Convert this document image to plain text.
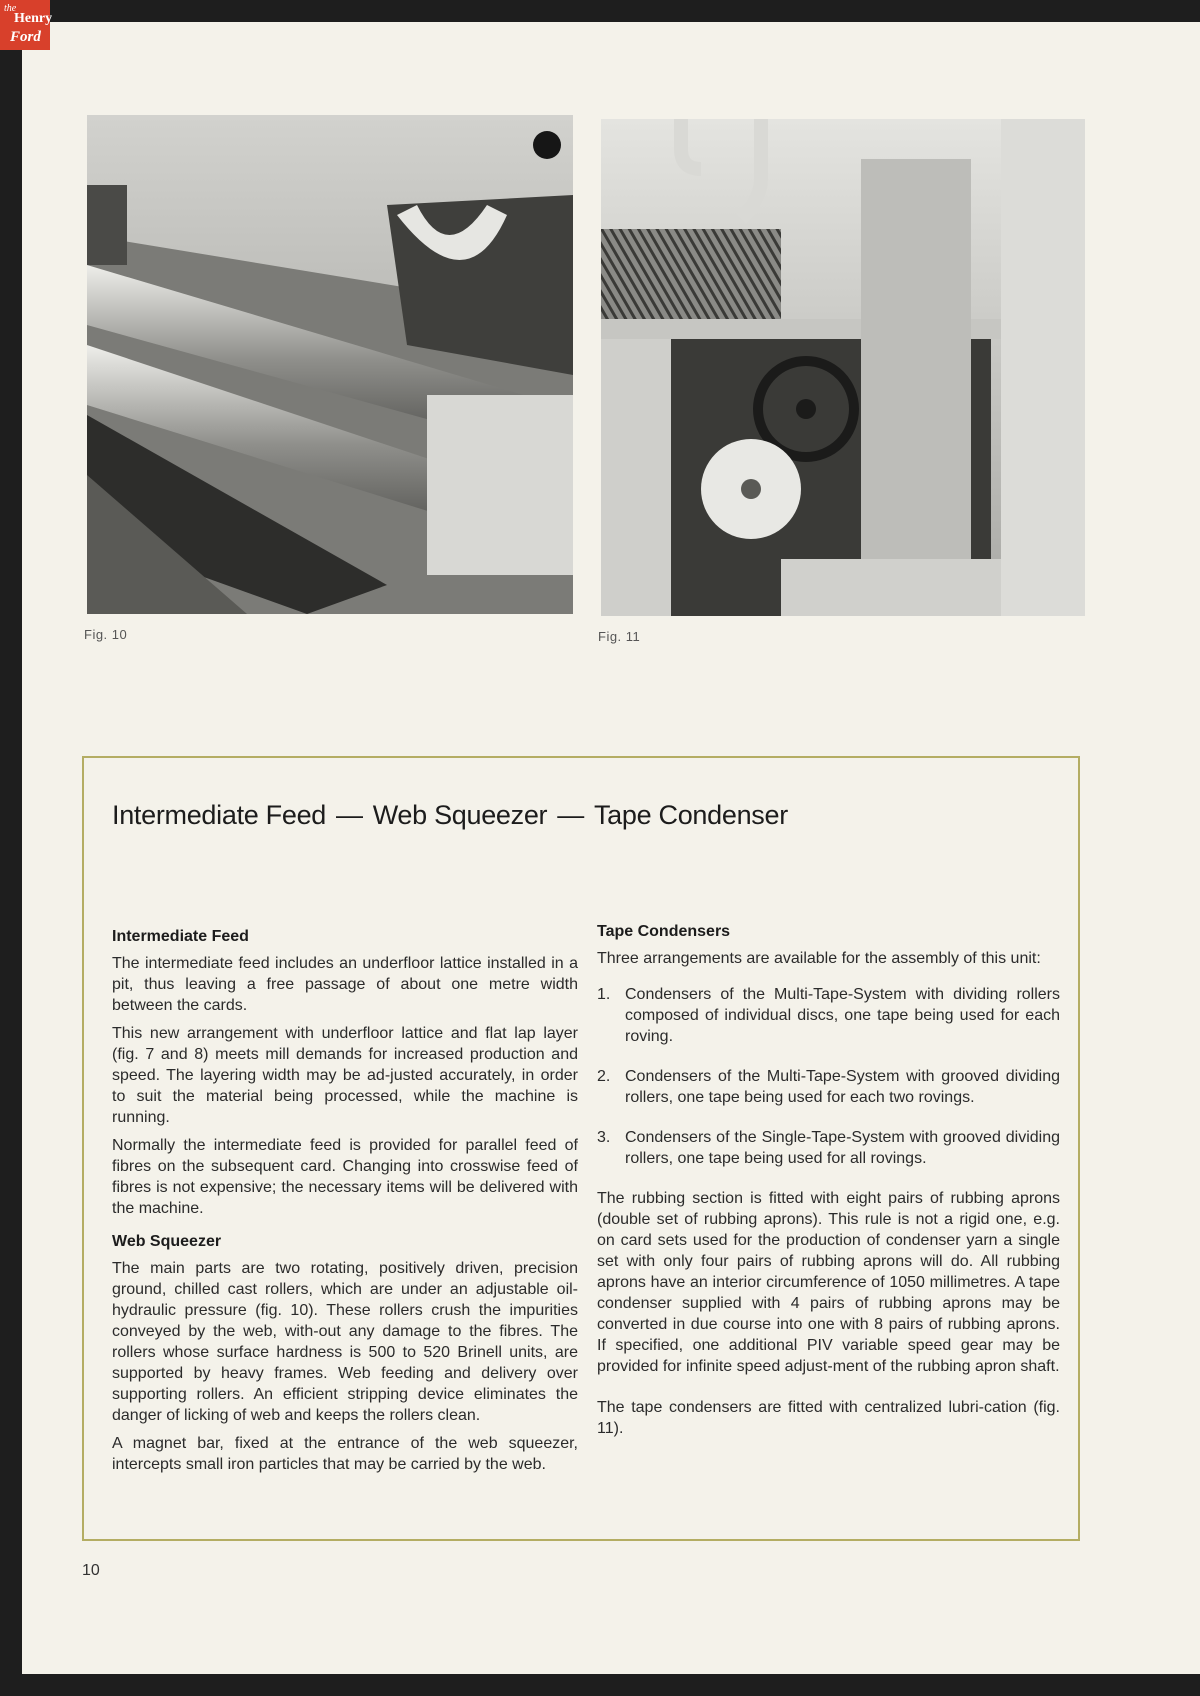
the
Henry
Ford
Fig. 10	Fig. 11
Intermediate Feed — Web Squeezer — Tape Condenser
Intermediate Feed

The intermediate feed includes an underfloor lattice installed in a pit, thus leaving a free passage of about one metre width between the cards.

This new arrangement with underfloor lattice and flat lap layer (fig. 7 and 8) meets mill demands for increased production and speed. The layering width may be ad-justed accurately, in order to suit the material being processed, while the machine is running.

Normally the intermediate feed is provided for parallel feed of fibres on the subsequent card. Changing into crosswise feed of fibres is not expensive; the necessary items will be delivered with the machine.

Web Squeezer

The main parts are two rotating, positively driven, precision ground, chilled cast rollers, which are under an adjustable oil-hydraulic pressure (fig. 10). These rollers crush the impurities conveyed by the web, with-out any damage to the fibres. The rollers whose surface hardness is 500 to 520 Brinell units, are supported by heavy frames. Web feeding and delivery over supporting rollers. An efficient stripping device eliminates the danger of licking of web and keeps the rollers clean.

A magnet bar, fixed at the entrance of the web squeezer, intercepts small iron particles that may be carried by the web.

Tape Condensers

Three arrangements are available for the assembly of this unit:

1. Condensers of the Multi-Tape-System with dividing rollers composed of individual discs, one tape being used for each roving.
2. Condensers of the Multi-Tape-System with grooved dividing rollers, one tape being used for each two rovings.
3. Condensers of the Single-Tape-System with grooved dividing rollers, one tape being used for all rovings.

The rubbing section is fitted with eight pairs of rubbing aprons (double set of rubbing aprons). This rule is not a rigid one, e.g. on card sets used for the production of condenser yarn a single set with only four pairs of rubbing aprons will do. All rubbing aprons have an interior circumference of 1050 millimetres. A tape condenser supplied with 4 pairs of rubbing aprons may be converted in due course into one with 8 pairs of rubbing aprons. If specified, one additional PIV variable speed gear may be provided for infinite speed adjust-ment of the rubbing apron shaft.

The tape condensers are fitted with centralized lubri-cation (fig. 11).

10
